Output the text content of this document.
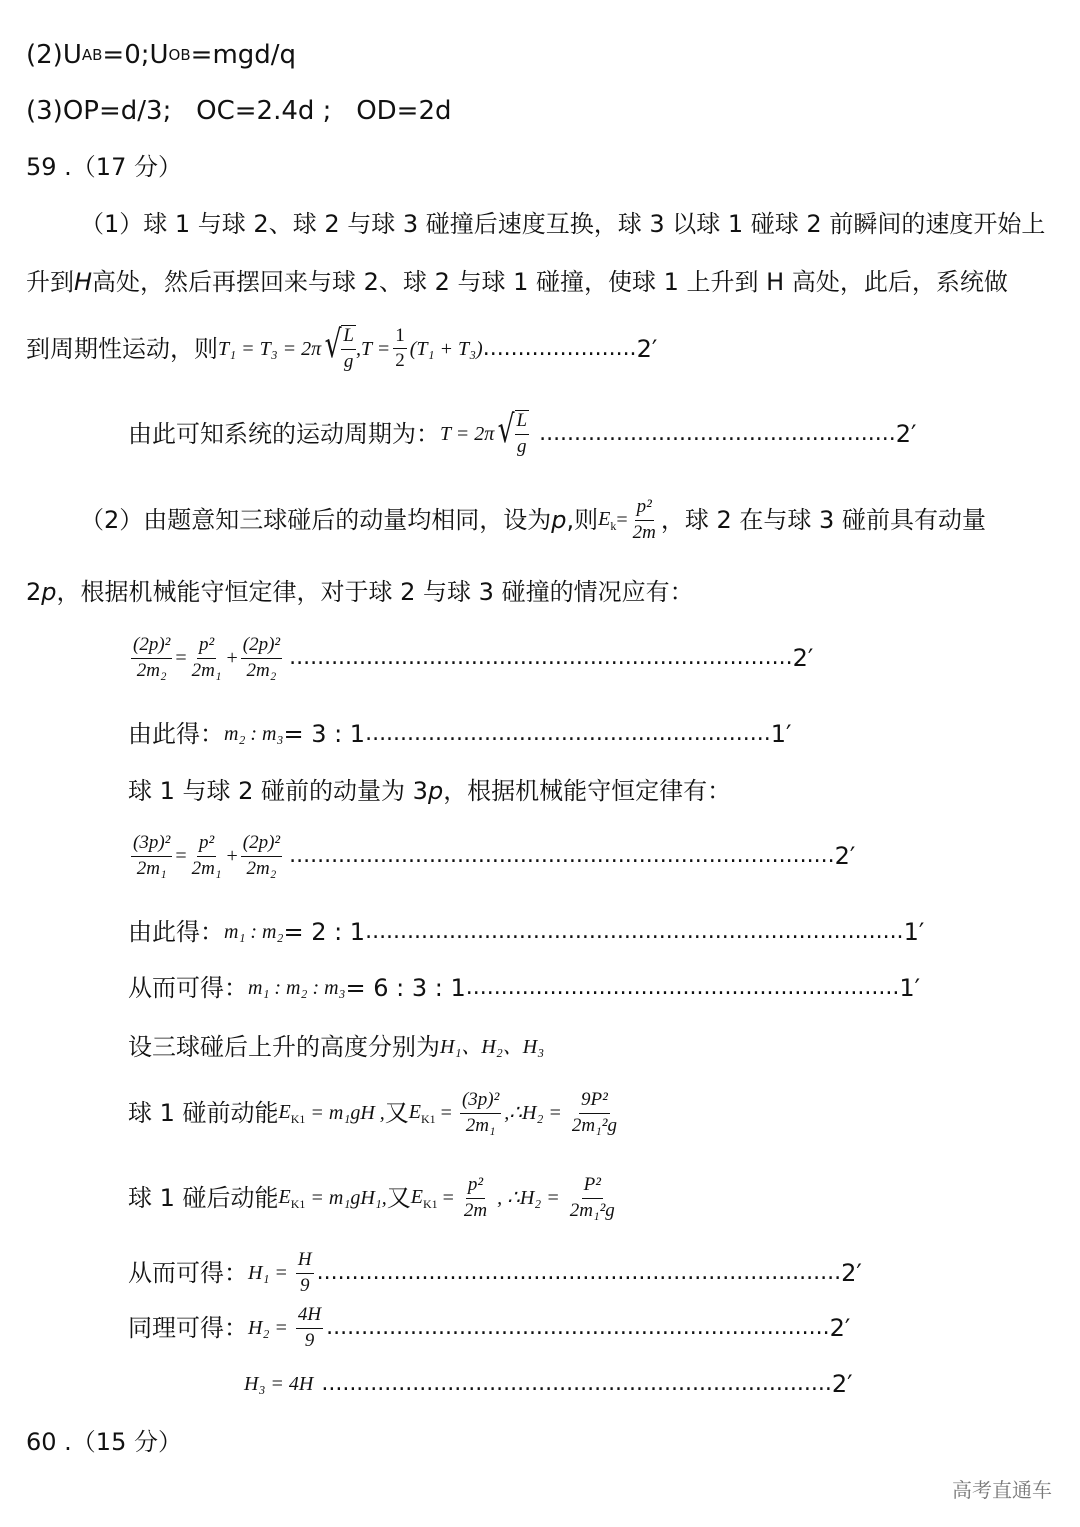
(2)U AB =0;U OB =mgd/q
(3)OP=d/3;   OC=2.4d ;   OD=2d
59 .（17 分）
（1）球 1 与球 2、球 2 与球 3 碰撞后速度互换，球 3 以球 1 碰球 2 前瞬间的速度开始上
升到 H 高处，然后再摆回来与球 2、球 2 与球 1 碰撞，使球 1 上升到 H 高处，此后，系统做
到周期性运动，则 T₁ = T₃ = 2π √ $\frac{L}{g} ,T = \frac{1}{2} (T_1 + T_3)$ ...................... 2′
由此可知系统的运动周期为： T = 2π √ $\frac{L}{g}$ ................................................... 2′
（2）由题意知三球碰后的动量均相同，设为 p ,则 $E_k = \frac{\text{p²}}{2m}$ ，球 2 在与球 3 碰前具有动量
2 p ，根据机械能守恒定律，对于球 2 与球 3 碰撞的情况应有：
$\frac{\text{(2p)²}}{\text{2m₂}} = \frac{\text{p²}}{\text{2m₁}} + \frac{\text{(2p)²}}{\text{2m₂}}$ ........................................................................ 2′
由此得： m₂ : m₃ = 3 : 1 .......................................................... 1′
球 1 与球 2 碰前的动量为 3 p ，根据机械能守恒定律有：
$\frac{\text{(3p)²}}{\text{2m₁}} = \frac{\text{p²}}{\text{2m₁}} + \frac{\text{(2p)²}}{\text{2m₂}}$ .............................................................................. 2′
由此得： m₁ : m₂ = 2 : 1 ............................................................................. 1′
从而可得： m₁ : m₂ : m₃ = 6 : 3 : 1 .............................................................. 1′
设三球碰后上升的高度分别为 H₁、H₂、H₃
球 1 碰前动能 $E_{K1} = m_1gH$ , 又 $E_{K1} = \frac{\text{(3p)²}}{\text{2m₁}}$ ,∴H₂ = $\frac{\text{9P²}}{\text{2m₁²g}}$
球 1 碰后动能 $E_{K1} = m_1gH_1$, 又 $E_{K1} = \frac{\text{p²}}{2m}$ , ∴H₂ = $\frac{\text{P²}}{\text{2m₁²g}}$
从而可得： $H_1 = \frac{H}{9}$ ........................................................................... 2′
同理可得： $H_2 = \frac{4H}{9}$ ........................................................................ 2′
H₃ = 4H ......................................................................... 2′
60 .（15 分）
高考直通车
